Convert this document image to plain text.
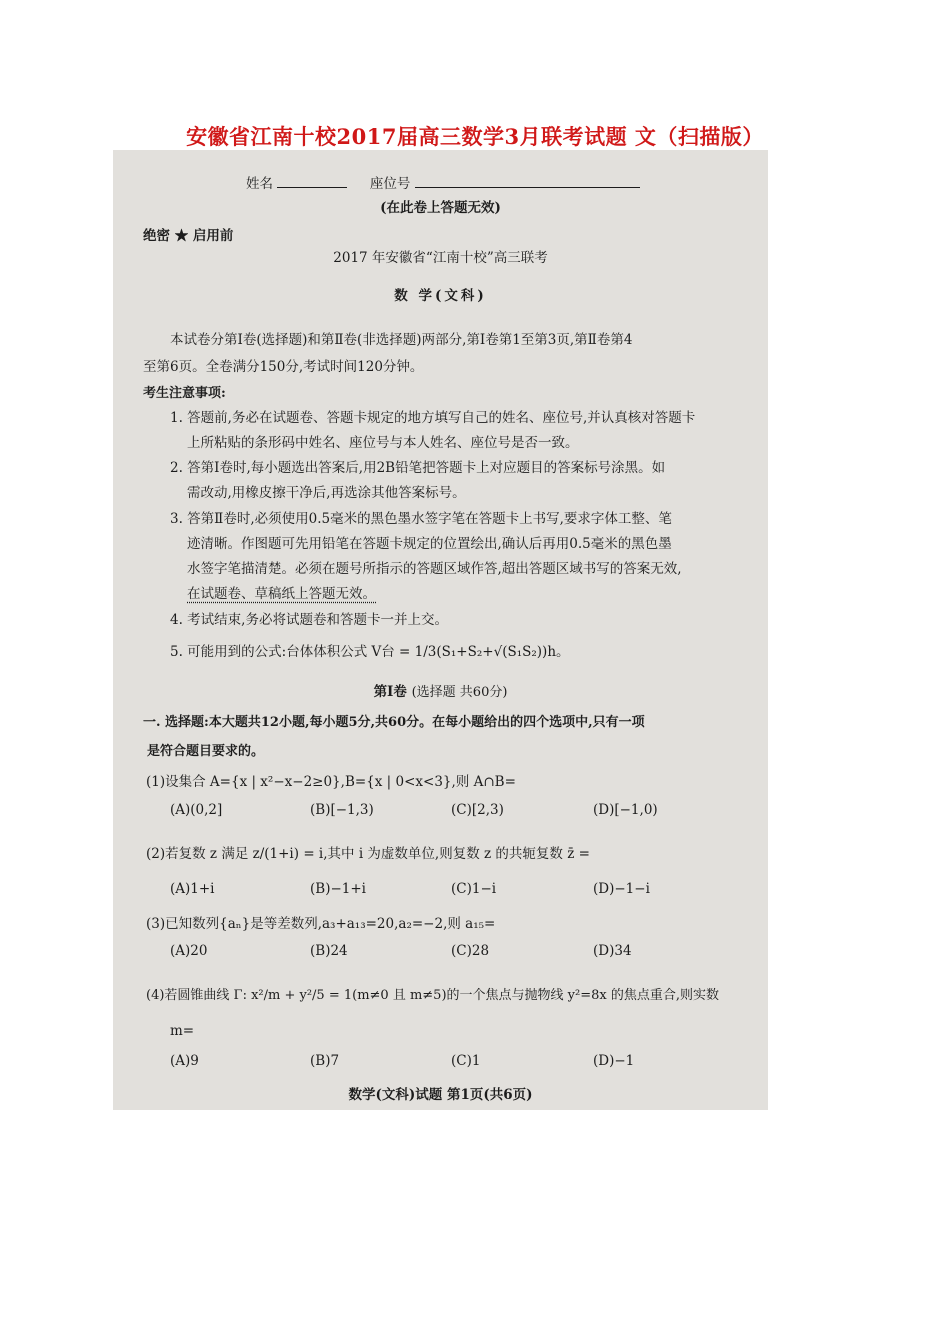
安徽省江南十校2017届高三数学3月联考试题 文（扫描版）
姓名	座位号
(在此卷上答题无效)
绝密 ★ 启用前
2017 年安徽省“江南十校”高三联考
数 学(文科)
本试卷分第Ⅰ卷(选择题)和第Ⅱ卷(非选择题)两部分,第Ⅰ卷第1至第3页,第Ⅱ卷第4
至第6页。全卷满分150分,考试时间120分钟。
考生注意事项:
1. 答题前,务必在试题卷、答题卡规定的地方填写自己的姓名、座位号,并认真核对答题卡
上所粘贴的条形码中姓名、座位号与本人姓名、座位号是否一致。
2. 答第Ⅰ卷时,每小题选出答案后,用2B铅笔把答题卡上对应题目的答案标号涂黑。如
需改动,用橡皮擦干净后,再选涂其他答案标号。
3. 答第Ⅱ卷时,必须使用0.5毫米的黑色墨水签字笔在答题卡上书写,要求字体工整、笔
迹清晰。作图题可先用铅笔在答题卡规定的位置绘出,确认后再用0.5毫米的黑色墨
水签字笔描清楚。必须在题号所指示的答题区域作答,超出答题区域书写的答案无效,
在试题卷、草稿纸上答题无效。
4. 考试结束,务必将试题卷和答题卡一并上交。
5. 可能用到的公式:台体体积公式 V台 = 1/3(S₁+S₂+√(S₁S₂))h。
第Ⅰ卷 (选择题 共60分)
一. 选择题:本大题共12小题,每小题5分,共60分。在每小题给出的四个选项中,只有一项
是符合题目要求的。
(1)设集合 A={x | x²−x−2≥0},B={x | 0<x<3},则 A∩B=
(A)(0,2]	(B)[−1,3)	(C)[2,3)	(D)[−1,0)
(2)若复数 z 满足 z/(1+i) = i,其中 i 为虚数单位,则复数 z 的共轭复数 z̄ =
(A)1+i	(B)−1+i	(C)1−i	(D)−1−i
(3)已知数列{aₙ}是等差数列,a₃+a₁₃=20,a₂=−2,则 a₁₅=
(A)20	(B)24	(C)28	(D)34
(4)若圆锥曲线 Γ: x²/m + y²/5 = 1(m≠0 且 m≠5)的一个焦点与抛物线 y²=8x 的焦点重合,则实数
m=
(A)9	(B)7	(C)1	(D)−1
数学(文科)试题 第1页(共6页)
